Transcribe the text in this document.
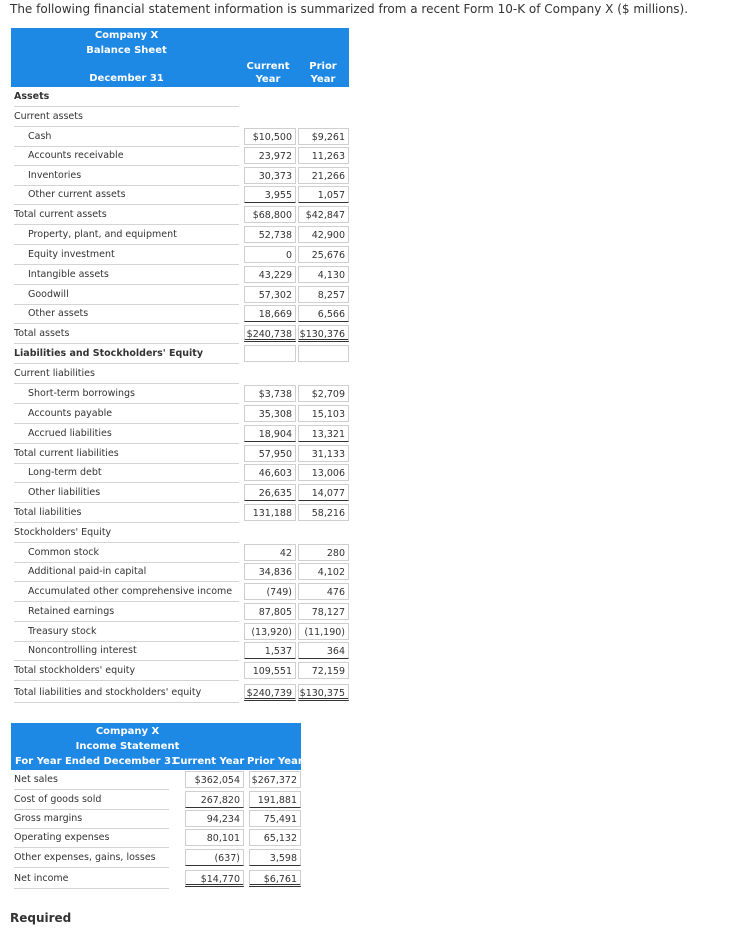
The following financial statement information is summarized from a recent Form 10-K of Company X ($ millions).
Company X
Balance Sheet
December 31
Current
Year
Prior
Year
Assets
Current assets
Cash	$10,500	$9,261
Accounts receivable	23,972	11,263
Inventories	30,373	21,266
Other current assets	3,955	1,057
Total current assets	$68,800	$42,847
Property, plant, and equipment	52,738	42,900
Equity investment	0	25,676
Intangible assets	43,229	4,130
Goodwill	57,302	8,257
Other assets	18,669	6,566
Total assets	$240,738 $130,376
Liabilities and Stockholders' Equity
Current liabilities
Short-term borrowings	$3,738	$2,709
Accounts payable	35,308	15,103
Accrued liabilities	18,904	13,321
Total current liabilities	57,950	31,133
Long-term debt	46,603	13,006
Other liabilities	26,635	14,077
Total liabilities	131,188	58,216
Stockholders' Equity
Common stock	42	280
Additional paid-in capital	34,836	4,102
Accumulated other comprehensive income	(749)	476
Retained earnings	87,805	78,127
Treasury stock	(13,920)	(11,190)
Noncontrolling interest	1,537	364
Total stockholders' equity	109,551	72,159
Total liabilities and stockholders' equity	$240,739 $130,375
Company X
Income Statement
For Year Ended December 31
Current Year Prior Year
Net sales	$362,054	$267,372
Cost of goods sold	267,820	191,881
Gross margins	94,234	75,491
Operating expenses	80,101	65,132
Other expenses, gains, losses	(637)	3,598
Net income	$14,770	$6,761
Required
